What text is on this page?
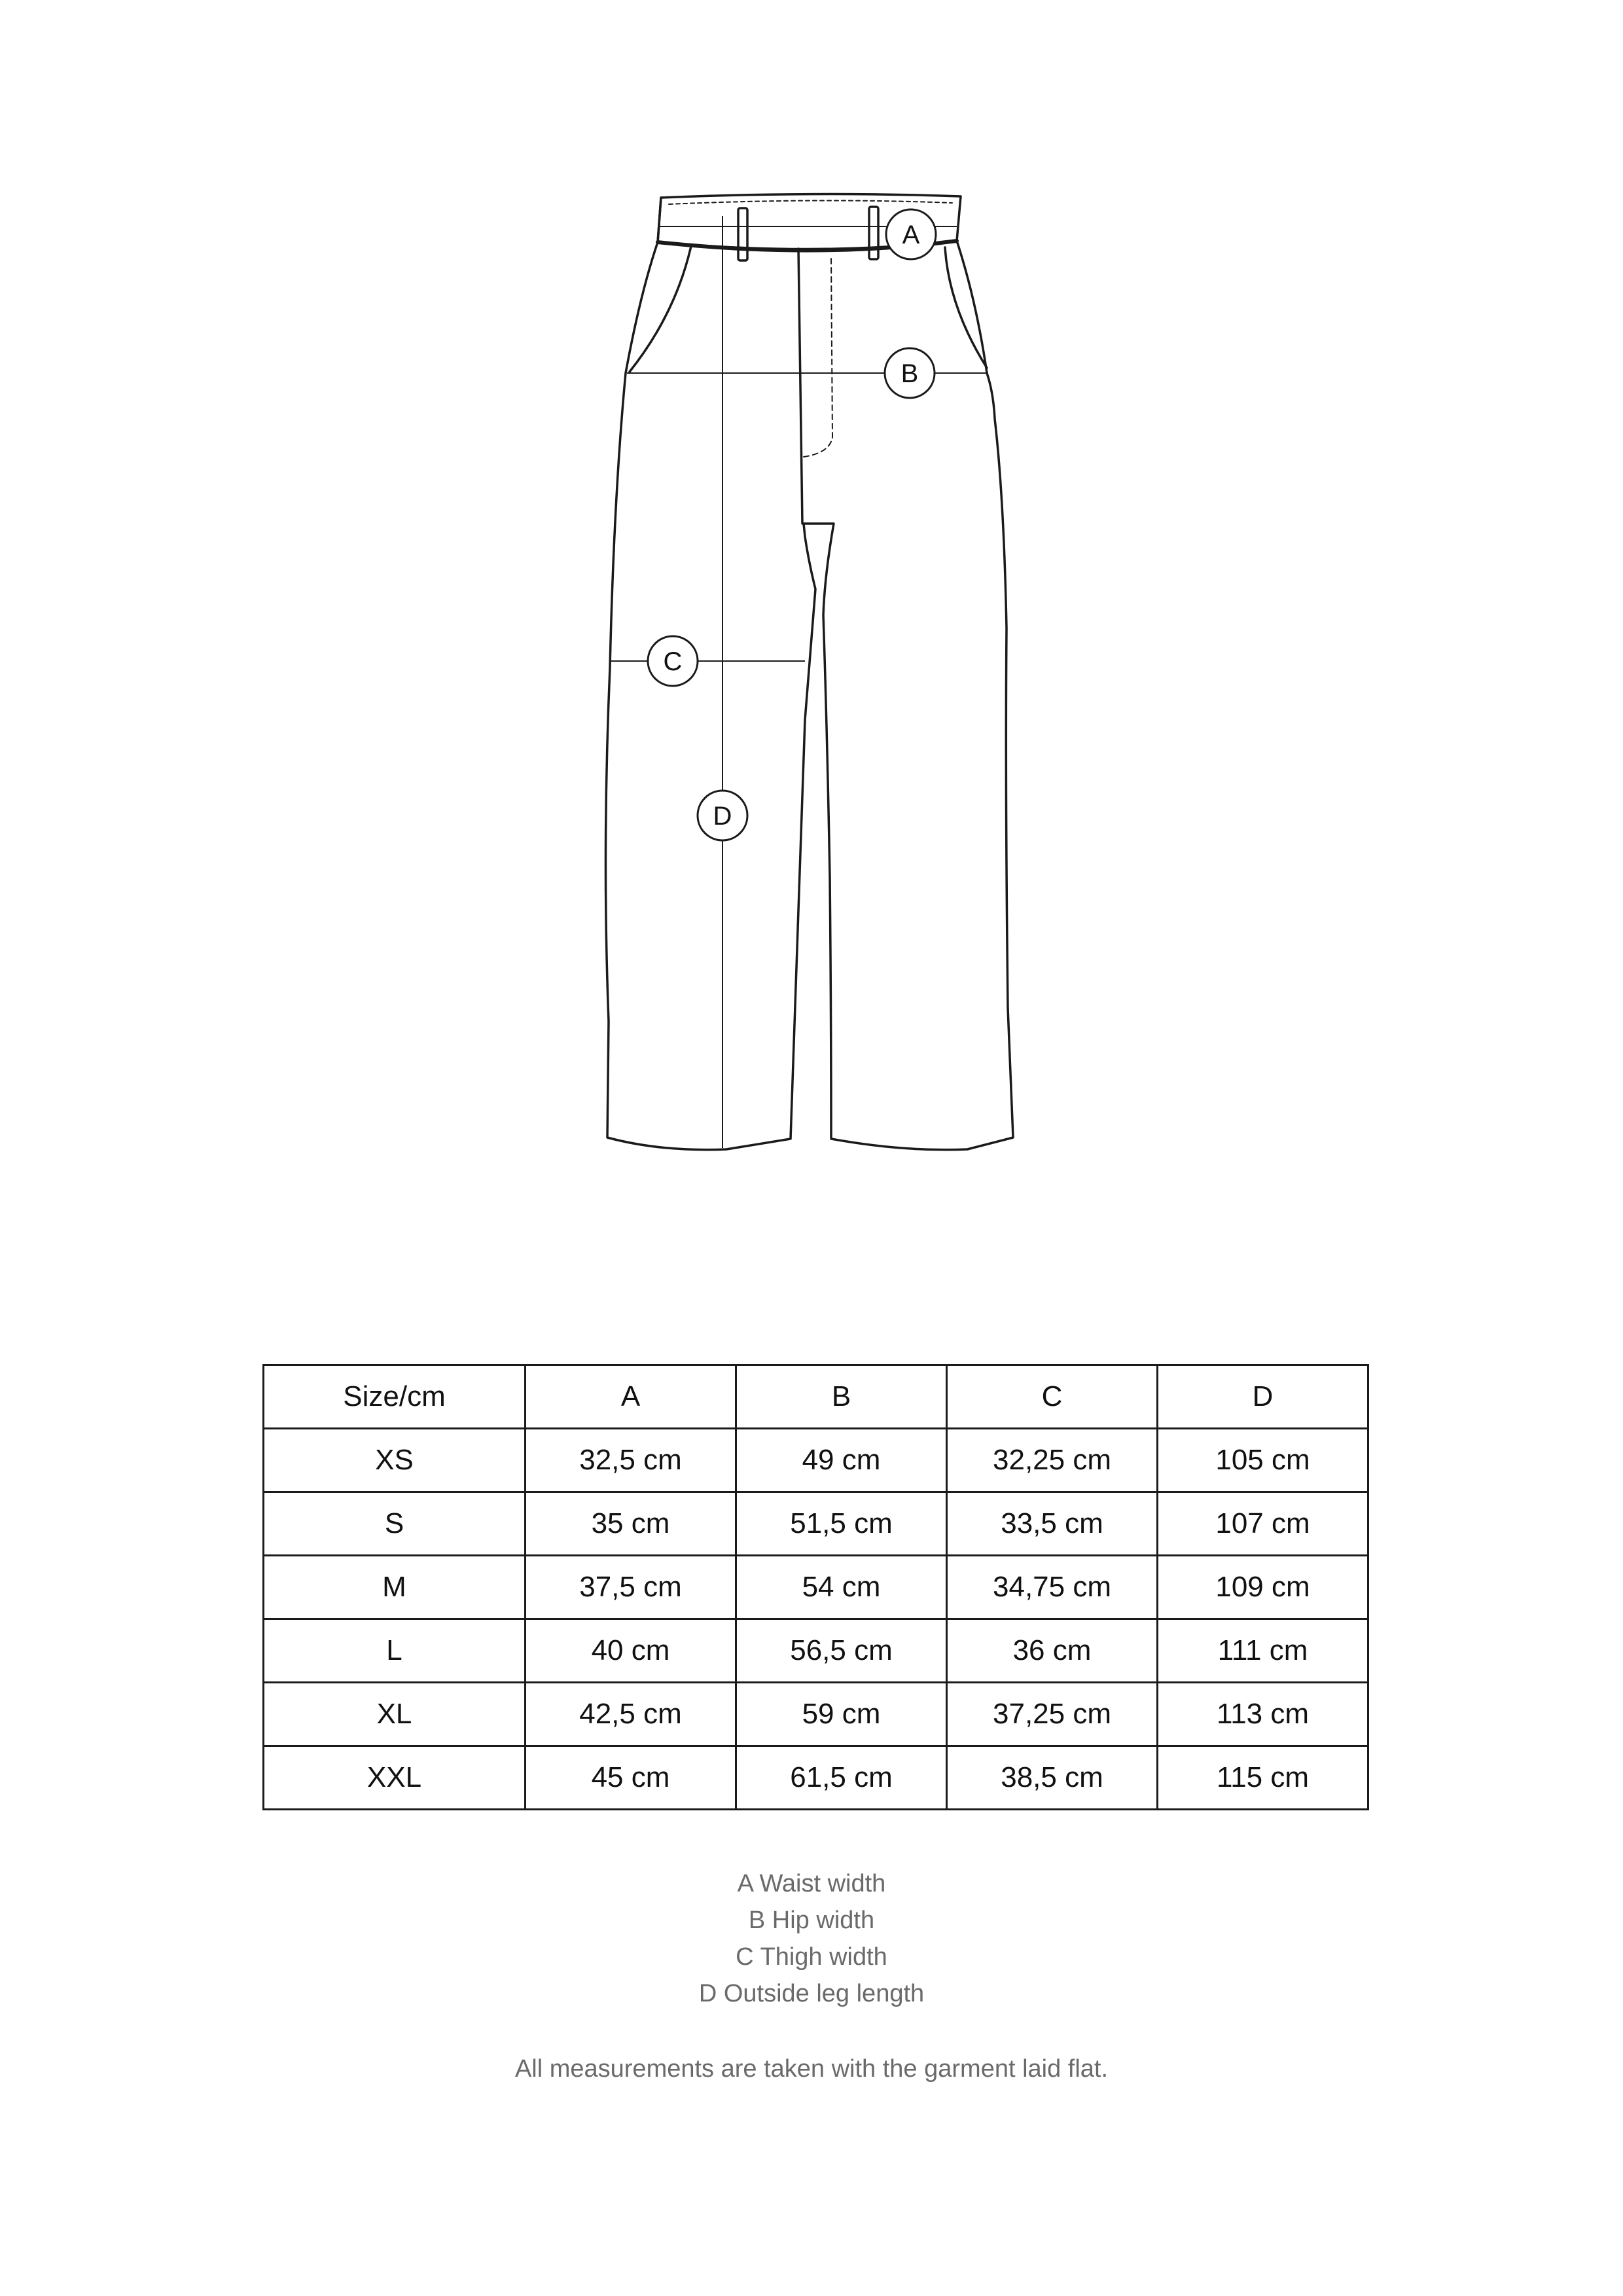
A
B
C
D
Size/cm	A	B	C	D
XS	32,5 cm	49 cm	32,25 cm	105 cm
S	35 cm	51,5 cm	33,5 cm	107 cm
M	37,5 cm	54 cm	34,75 cm	109 cm
L	40 cm	56,5 cm	36 cm	111 cm
XL	42,5 cm	59 cm	37,25 cm	113 cm
XXL	45 cm	61,5 cm	38,5 cm	115 cm
A Waist width
B Hip width
C Thigh width
D Outside leg length
All measurements are taken with the garment laid flat.
